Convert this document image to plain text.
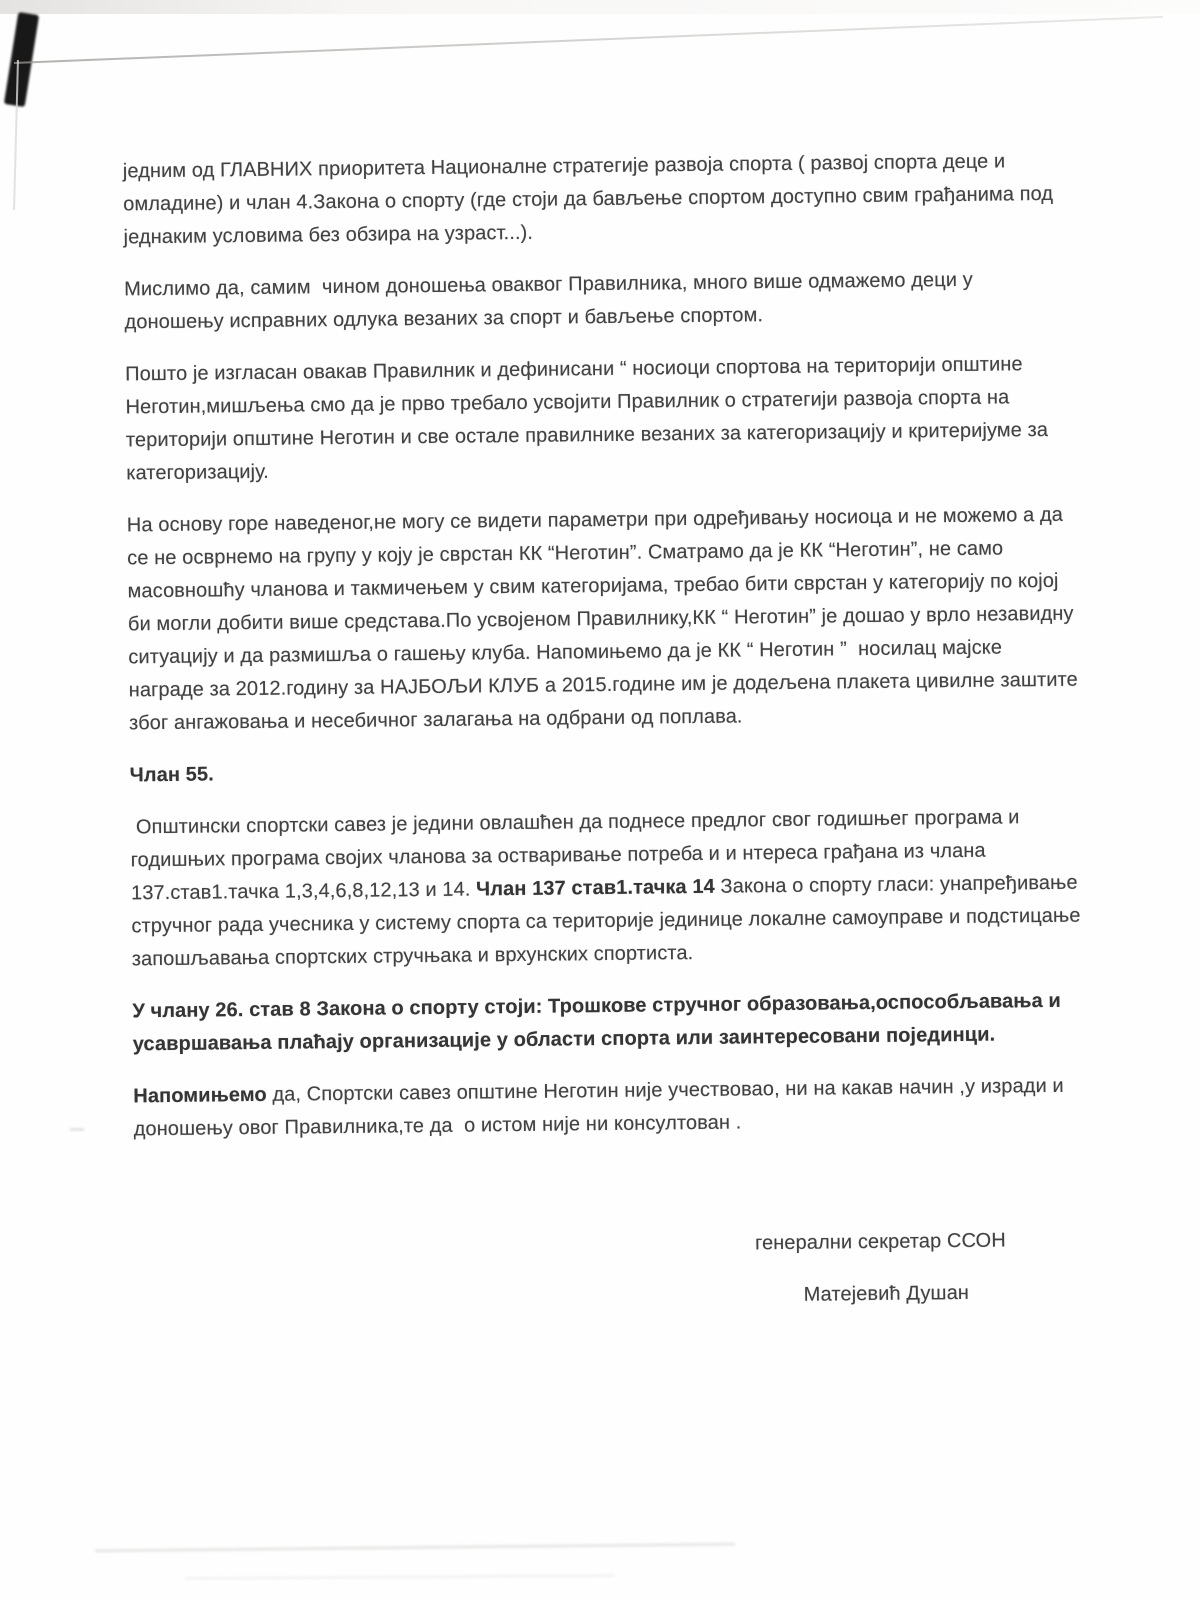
једним од ГЛАВНИХ приоритета Националне стратегије развоја спорта ( развој спорта деце и омладине) и члан 4.Закона о спорту (где стоји да бављење спортом доступно свим грађанима под једнаким условима без обзира на узраст...).

Мислимо да, самим  чином доношења оваквог Правилника, много више одмажемо деци у доношењу исправних одлука везаних за спорт и бављење спортом.

Пошто је изгласан овакав Правилник и дефинисани “ носиоци спортова на територији општине Неготин,мишљења смо да је прво требало усвојити Правилник о стратегији развоја спорта на територији општине Неготин и све остале правилнике везаних за категоризацију и критеријуме за категоризацију.

На основу горе наведеног,не могу се видети параметри при одређивању носиоца и не можемо а да се не осврнемо на групу у коју је сврстан КК “Неготин”. Сматрамо да је КК “Неготин”, не само масовношћу чланова и такмичењем у свим категоријама, требао бити сврстан у категорију по којој би могли добити више средстава.По усвојеном Правилнику,КК “ Неготин” је дошао у врло незавидну ситуацију и да размишља о гашењу клуба. Напомињемо да је КК “ Неготин ”  носилац мајске награде за 2012.годину за НАЈБОЉИ КЛУБ а 2015.године им је додељена плакета цивилне заштите због ангажовања и несебичног залагања на одбрани од поплава.

Члан 55.

Општински спортски савез је једини овлашћен да поднесе предлог свог годишњег програма и годишњих програма својих чланова за остваривање потреба и и нтереса грађана из члана 137.став1.тачка 1,3,4,6,8,12,13 и 14. Члан 137 став1.тачка 14 Закона о спорту гласи: унапређивање стручног рада учесника у систему спорта са територије јединице локалне самоуправе и подстицање запошљавања спортских стручњака и врхунских спортиста.

У члану 26. став 8 Закона о спорту стоји: Трошкове стручног образовања,оспособљавања и усавршавања плаћају организације у области спорта или заинтересовани појединци.

Напомињемо да, Спортски савез општине Неготин није учествовао, ни на какав начин ,у изради и доношењу овог Правилника,те да  о истом није ни консултован .

генерални секретар ССОН

Матејевић Душан
